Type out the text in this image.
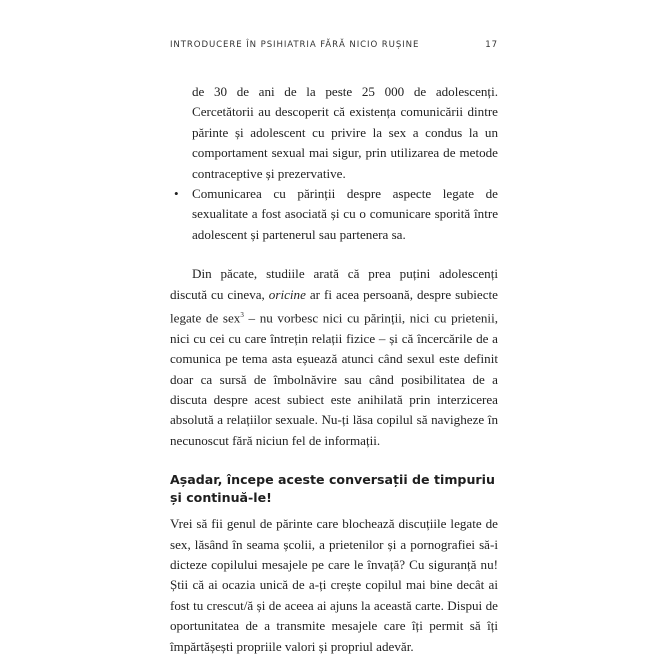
INTRODUCERE ÎN PSIHIATRIA FĂRĂ NICIO RUȘINE	17

de 30 de ani de la peste 25 000 de adolescenți. Cercetătorii au descoperit că existența comunicării dintre părinte și adolescent cu privire la sex a condus la un comportament sexual mai sigur, prin utilizarea de metode contraceptive și prezervative.

• Comunicarea cu părinții despre aspecte legate de sexualitate a fost asociată și cu o comunicare sporită între adolescent și partenerul sau partenera sa.

Din păcate, studiile arată că prea puțini adolescenți discută cu cineva, oricine ar fi acea persoană, despre subiecte legate de sex$^3$ – nu vorbesc nici cu părinții, nici cu prietenii, nici cu cei cu care întrețin relații fizice – și că încercările de a comunica pe tema asta eșuează atunci când sexul este definit doar ca sursă de îmbolnăvire sau când posibilitatea de a discuta despre acest subiect este anihilată prin interzicerea absolută a relațiilor sexuale. Nu-ți lăsa copilul să navigheze în necunoscut fără niciun fel de informații.

Așadar, începe aceste conversații de timpuriu și continuă-le!

Vrei să fii genul de părinte care blochează discuțiile legate de sex, lăsând în seama școlii, a prietenilor și a pornografiei să-i dicteze copilului mesajele pe care le învață? Cu siguranță nu! Știi că ai ocazia unică de a-ți crește copilul mai bine decât ai fost tu crescut/ă și de aceea ai ajuns la această carte. Dispui de oportunitatea de a transmite mesajele care îți permit să îți împărtășești propriile valori și propriul adevăr.
